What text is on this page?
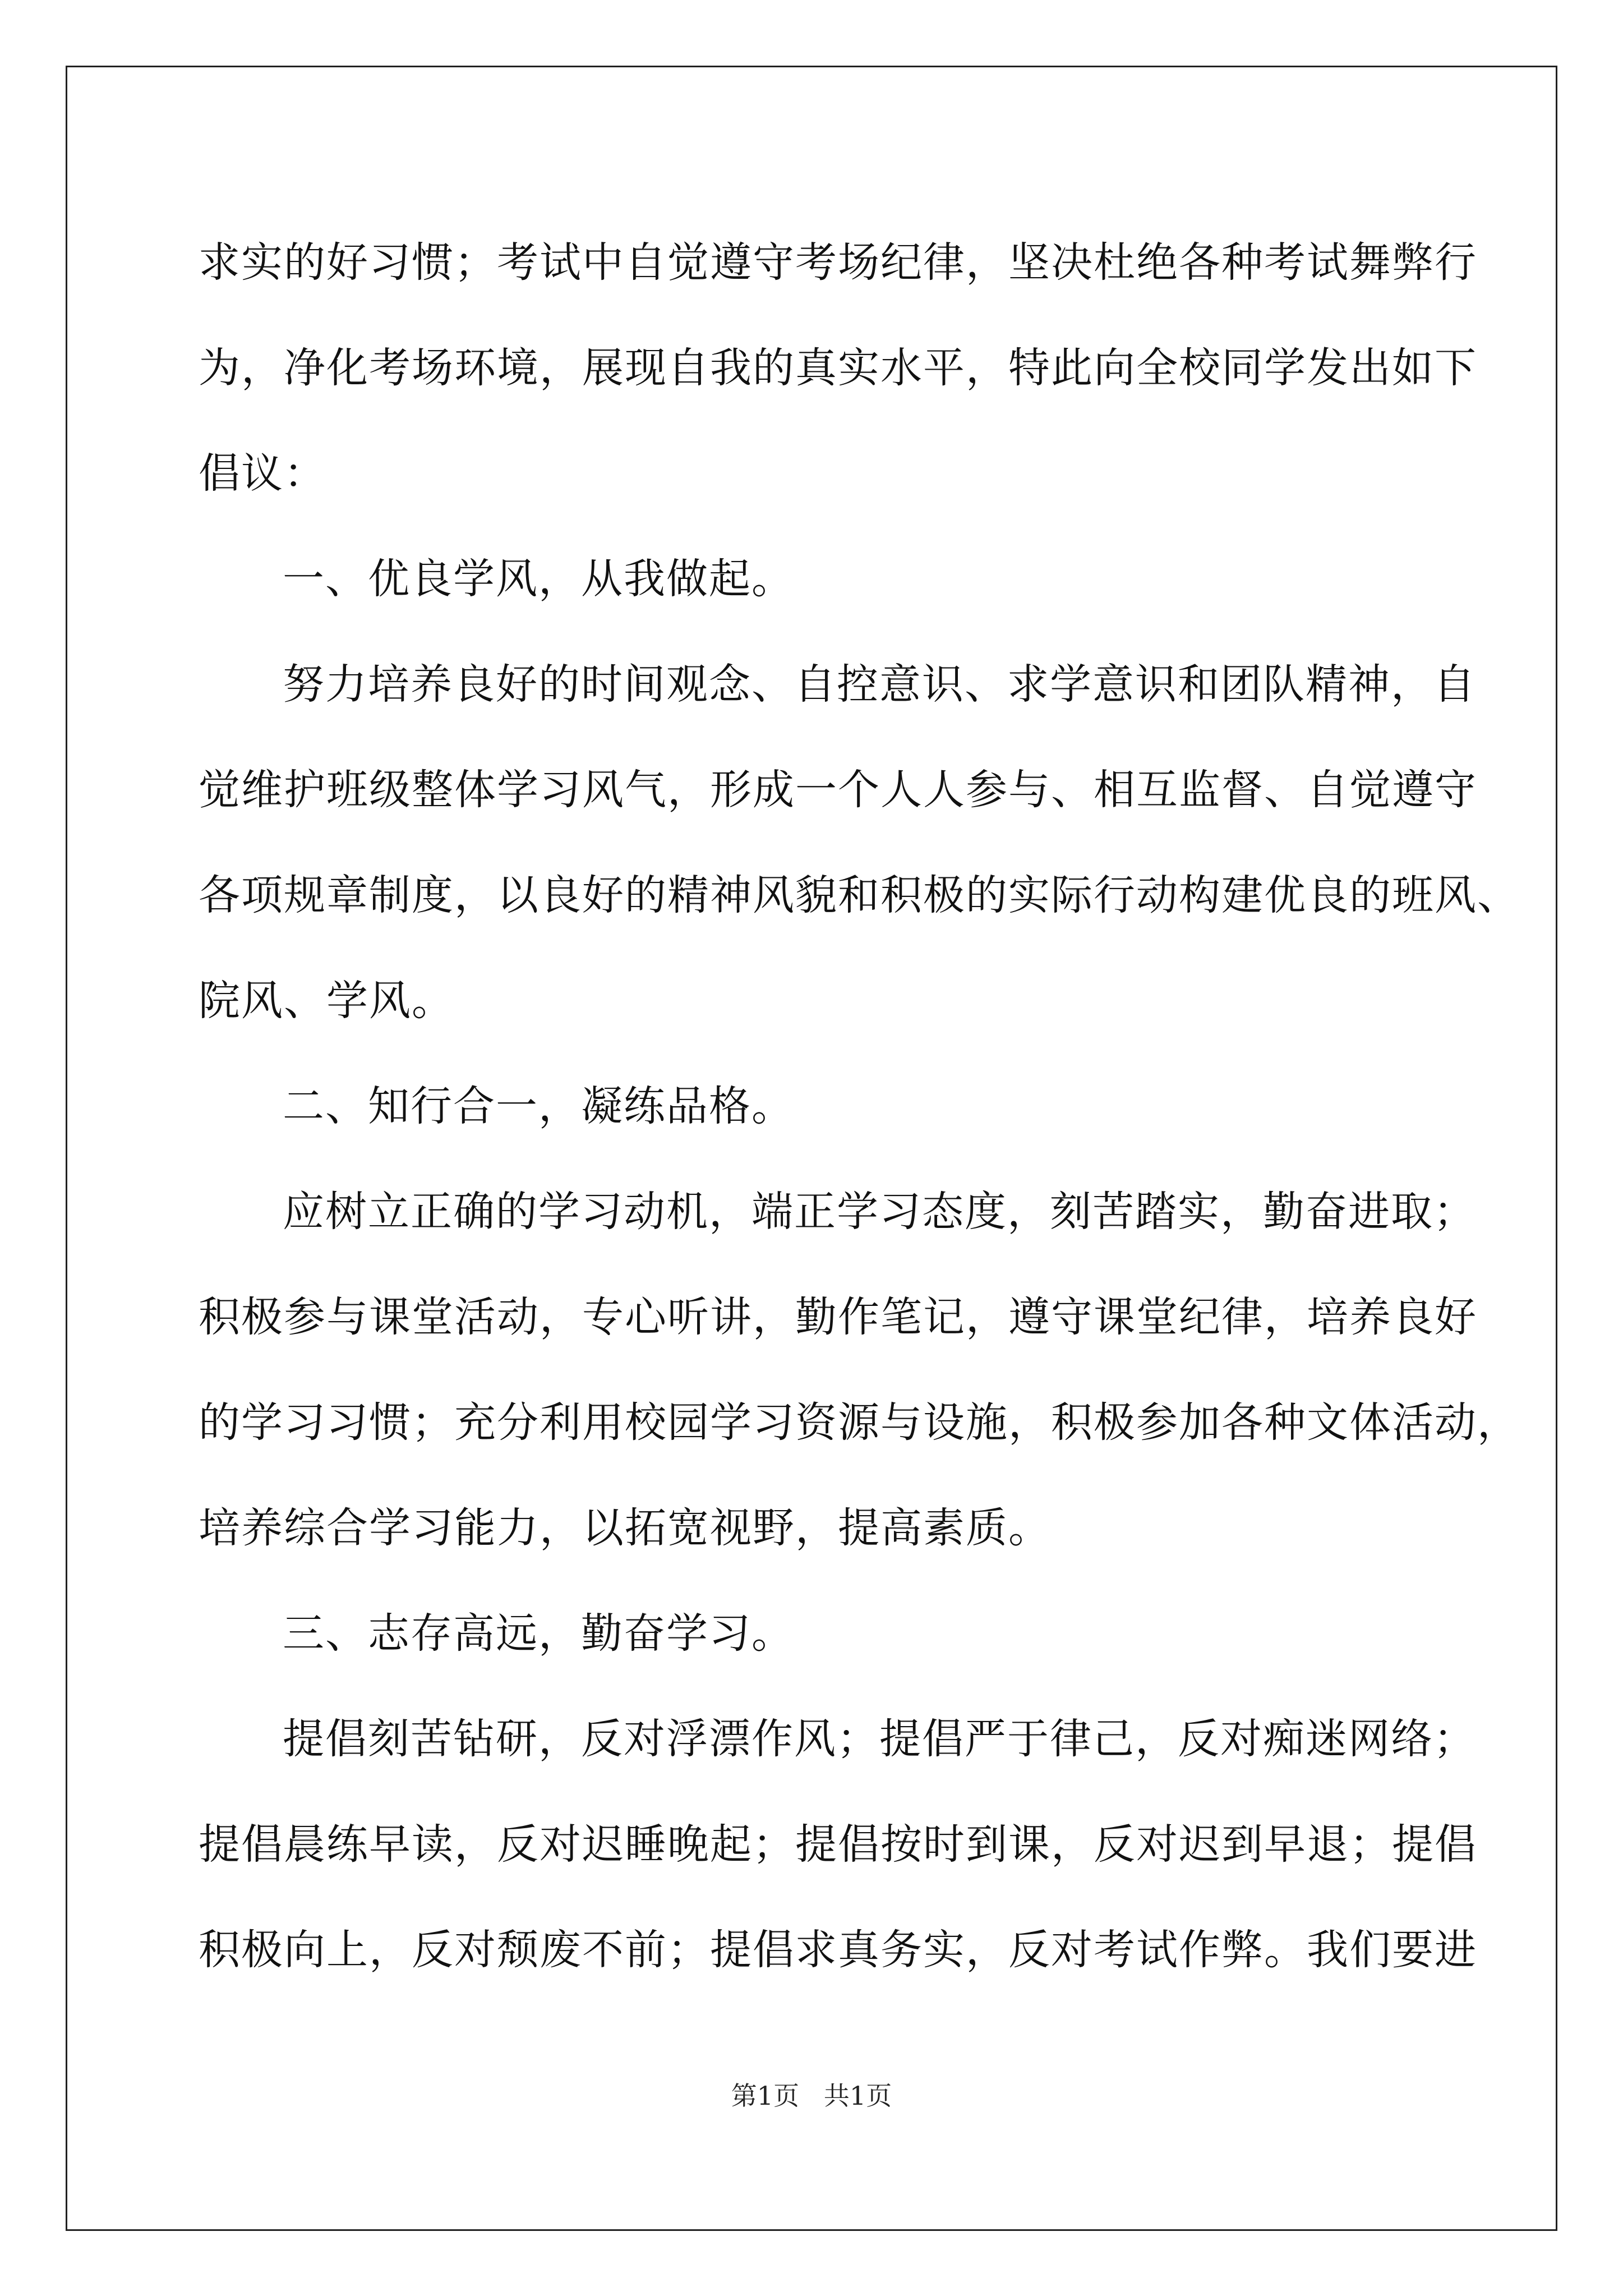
求实的好习惯；考试中自觉遵守考场纪律，坚决杜绝各种考试舞弊行
为，净化考场环境，展现自我的真实水平，特此向全校同学发出如下
倡议：
一、优良学风，从我做起。
努力培养良好的时间观念、自控意识、求学意识和团队精神，自
觉维护班级整体学习风气，形成一个人人参与、相互监督、自觉遵守
各项规章制度，以良好的精神风貌和积极的实际行动构建优良的班风、
院风、学风。
二、知行合一，凝练品格。
应树立正确的学习动机，端正学习态度，刻苦踏实，勤奋进取；
积极参与课堂活动，专心听讲，勤作笔记，遵守课堂纪律，培养良好
的学习习惯；充分利用校园学习资源与设施，积极参加各种文体活动，
培养综合学习能力，以拓宽视野，提高素质。
三、志存高远，勤奋学习。
提倡刻苦钻研，反对浮漂作风；提倡严于律己，反对痴迷网络；
提倡晨练早读，反对迟睡晚起；提倡按时到课，反对迟到早退；提倡
积极向上，反对颓废不前；提倡求真务实，反对考试作弊。我们要进
第1页   共1页
